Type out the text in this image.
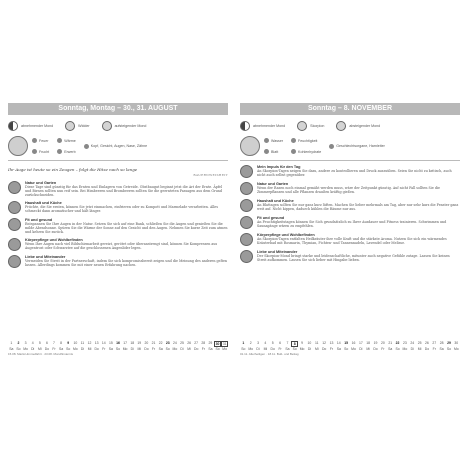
Sonntag, Montag – 30., 31. AUGUST
abnehmender Mond	Widder	aufsteigender Mond
Feuer	Wärme
Frucht	Erwerb
Kopf, Gesicht, Augen, Nase, Zähne
Ihr Auge ist heute so ein Zeugen – folgt die Hitze nach so lange
BAUERNWEISHEIT
Natur und Garten
Diese Tage sind günstig für das Ernten und Einlagern von Getreide. Obstbaugut beginnt jetzt die Art der Ernte. Äpfel und Birnen sollten nun reif sein. Bei Himbeeren und Brombeeren sollten Sie die geernteten Passagen aus dem Grund zurückschneiden.
Haushalt und Küche
Früchte, die Sie ernten, können Sie jetzt einmachen, einfrieren oder zu Kompott und Marmelade verarbeiten. Alles schmeckt dann aromatischer und hält länger.
Fit und gesund
Entspannen Sie Ihre Augen in der Natur. Setzen Sie sich auf eine Bank, schließen Sie die Augen und genießen Sie die milde Abendsonne. Spüren Sie die Wärme der Sonne auf den Gesicht und den Augen. Nehmen Sie kurze Zeit zum atmen und kehren Sie zurück.
Körperpflege und Wohlbefinden
Wenn Ihre Augen nach viel Bildschirmarbeit gereizt, gerötet oder überanstrengt sind, können Sie Kompressen aus Augentrost oder Schwarztee auf die geschlossenen Augenlider legen.
Liebe und Miteinander
Vermeiden Sie Streit in der Partnerschaft, indem Sie sich kompromissbereit zeigen und die Meinung des anderen gelten lassen. Allerdings kommen Sie mit einer neuen Erfahrung nachen.
1	2	3	4	5	6	7	8	9	10	11	12 13 14 15 16 17 18 19 20 21 22 23 24 25 26 27 28 29 30 31
Sa So Mo Di	Mi Do Fr	Sa So Mo Di	Mi Do Fr	Sa So Mo Di	Mi Do Fr	Sa So Mo Di	Mi Do Fr	Sa So Mo
15.08. Mariä Himmelfahrt · 23.08. Mondfinsternis
Sonntag – 8. NOVEMBER
abnehmender Mond	Skorpion	absteigender Mond
Wasser	Feuchtigkeit
Blatt	Kohlenhydrate
Geschlechtsorgane, Harnleiter
Mein Impuls für den Tag
An Skorpion-Tagen neigen Sie dazu, andere zu kontrollieren und Druck auszuüben. Seien Sie nicht zu kritisch, auch nicht auch selbst gegenüber.
Natur und Garten
Wenn der Rasen noch einmal gemäht werden muss, wäre der Zeitpunkt günstig. Auf nicht Fall sollten Sie die Zimmerpflanzen und alle Pflanzen draußen kräftig gießen.
Haushalt und Küche
An Blattagen sollten Sie nur ganz kurz lüften. Machen Sie lieber mehrmals am Tag, aber nur sehr kurz die Fenster ganz weit auf. Nicht kippen, dadurch kühlen die Räume nur aus.
Fit und gesund
An Feuchtigkeitstagen können Sie Sich grundsätzlich zu Ihrer Ausdauer und Fitness trainieren. Schwimmen und Saunagänge wären zu empfehlen.
Körperpflege und Wohlbefinden
An Skorpion-Tagen entfalten Heilkräuter ihre volle Kraft und die stärkste Aroma. Nutzen Sie sich ein wärmendes Kräuterbad mit Rosmarin, Thymian, Fichten- und Tannennadeln, Lavendel oder Melisse.
Liebe und Miteinander
Der Skorpion-Mond bringt starke und leidenschaftliche, mitunter auch negative Gefühle zutage. Lassen Sie keinen Streit aufkommen. Lassen Sie sich lieber mit Hingabe lieben.
1	2	3	4	5	6	7	8	9	10	11	12	13	14	15	16	17	18	19	20	21	22	23	24	25	26	27	28	29	30
So Mo Di	Mi Do	Fr	Sa So Mo Di	Mi Do	Fr	Sa So Mo Di	Mi Do	Fr	Sa So Mo Di	Mi Do	Fr	Sa So Mo
01.11. Allerheiligen · 18.11. Buß- und Bettag
